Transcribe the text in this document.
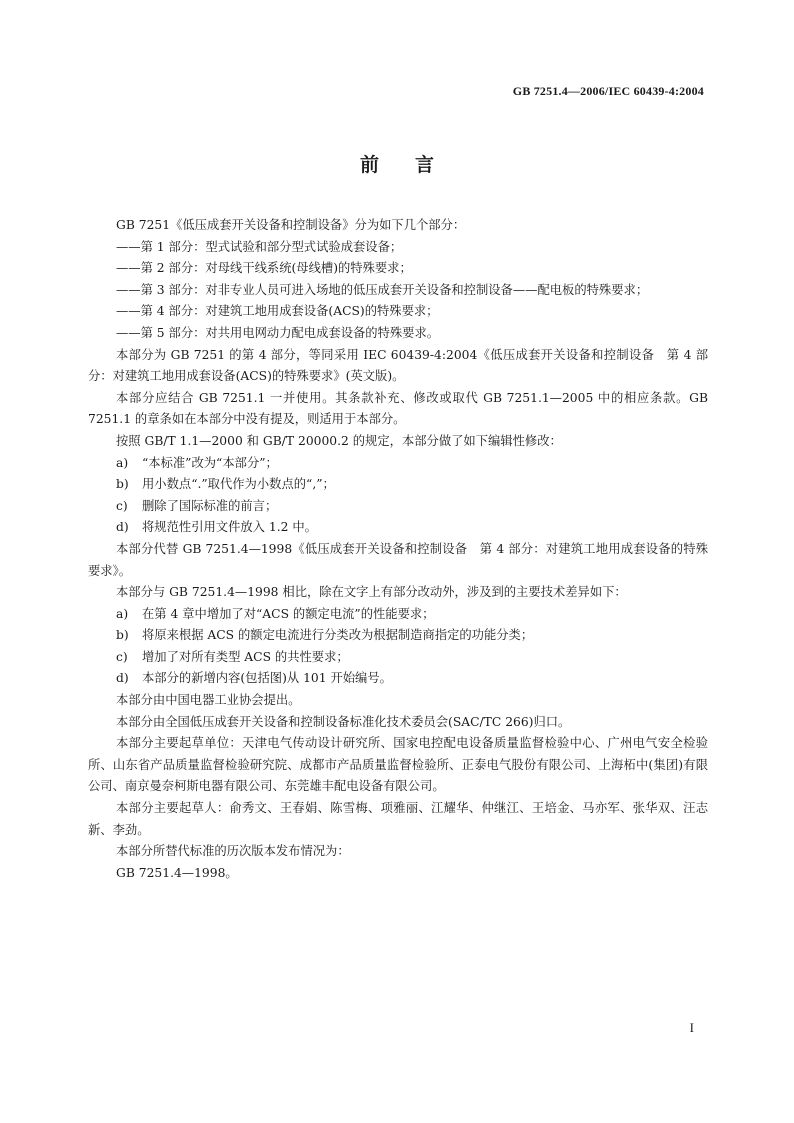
GB 7251.4—2006/IEC 60439-4:2004
前言

GB 7251《低压成套开关设备和控制设备》分为如下几个部分：

——第 1 部分：型式试验和部分型式试验成套设备；

——第 2 部分：对母线干线系统(母线槽)的特殊要求；

——第 3 部分：对非专业人员可进入场地的低压成套开关设备和控制设备——配电板的特殊要求；

——第 4 部分：对建筑工地用成套设备(ACS)的特殊要求；

——第 5 部分：对共用电网动力配电成套设备的特殊要求。

本部分为 GB 7251 的第 4 部分，等同采用 IEC 60439-4:2004《低压成套开关设备和控制设备　第 4 部分：对建筑工地用成套设备(ACS)的特殊要求》(英文版)。

本部分应结合 GB 7251.1 一并使用。其条款补充、修改或取代 GB 7251.1—2005 中的相应条款。GB 7251.1 的章条如在本部分中没有提及，则适用于本部分。

按照 GB/T 1.1—2000 和 GB/T 20000.2 的规定，本部分做了如下编辑性修改：

a) “本标准”改为“本部分”；
b) 用小数点“.”取代作为小数点的“,”；
c) 删除了国际标准的前言；
d) 将规范性引用文件放入 1.2 中。

本部分代替 GB 7251.4—1998《低压成套开关设备和控制设备　第 4 部分：对建筑工地用成套设备的特殊要求》。

本部分与 GB 7251.4—1998 相比，除在文字上有部分改动外，涉及到的主要技术差异如下：

a) 在第 4 章中增加了对“ACS 的额定电流”的性能要求；
b) 将原来根据 ACS 的额定电流进行分类改为根据制造商指定的功能分类；
c) 增加了对所有类型 ACS 的共性要求；
d) 本部分的新增内容(包括图)从 101 开始编号。

本部分由中国电器工业协会提出。

本部分由全国低压成套开关设备和控制设备标准化技术委员会(SAC/TC 266)归口。

本部分主要起草单位：天津电气传动设计研究所、国家电控配电设备质量监督检验中心、广州电气安全检验所、山东省产品质量监督检验研究院、成都市产品质量监督检验所、正泰电气股份有限公司、上海柘中(集团)有限公司、南京曼奈柯斯电器有限公司、东莞雄丰配电设备有限公司。

本部分主要起草人：俞秀文、王春娟、陈雪梅、项雅丽、江耀华、仲继江、王培金、马亦军、张华双、汪志新、李劲。

本部分所替代标准的历次版本发布情况为：

GB 7251.4—1998。

I
